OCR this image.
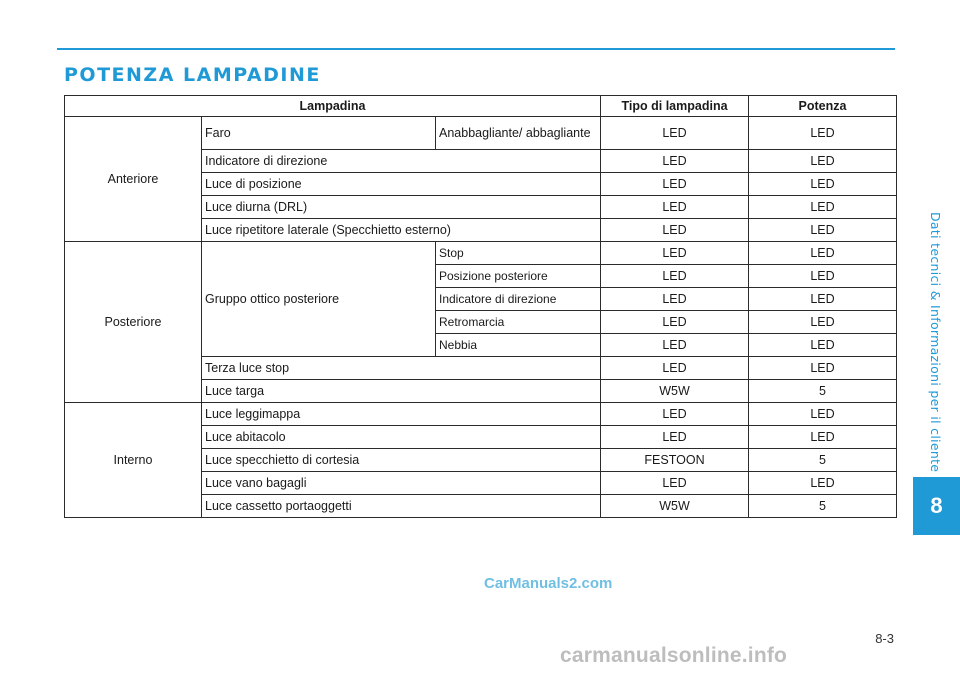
POTENZA LAMPADINE
Dati tecnici & Informazioni per il cliente
8
Lampadina			Tipo di lampadina	Potenza
Anteriore	Faro	Anabbagliante/ abbagliante	LED	LED
	Indicatore di direzione		LED	LED
	Luce di posizione		LED	LED
	Luce diurna (DRL)		LED	LED
	Luce ripetitore laterale (Specchietto esterno)		LED	LED
Posteriore	Gruppo ottico posteriore	Stop	LED	LED
		Posizione posteriore	LED	LED
		Indicatore di direzione	LED	LED
		Retromarcia	LED	LED
		Nebbia	LED	LED
	Terza luce stop		LED	LED
	Luce targa		W5W	5
Interno	Luce leggimappa		LED	LED
	Luce abitacolo		LED	LED
	Luce specchietto di cortesia		FESTOON	5
	Luce vano bagagli		LED	LED
	Luce cassetto portaoggetti		W5W	5
CarManuals2.com
8-3
carmanualsonline.info
